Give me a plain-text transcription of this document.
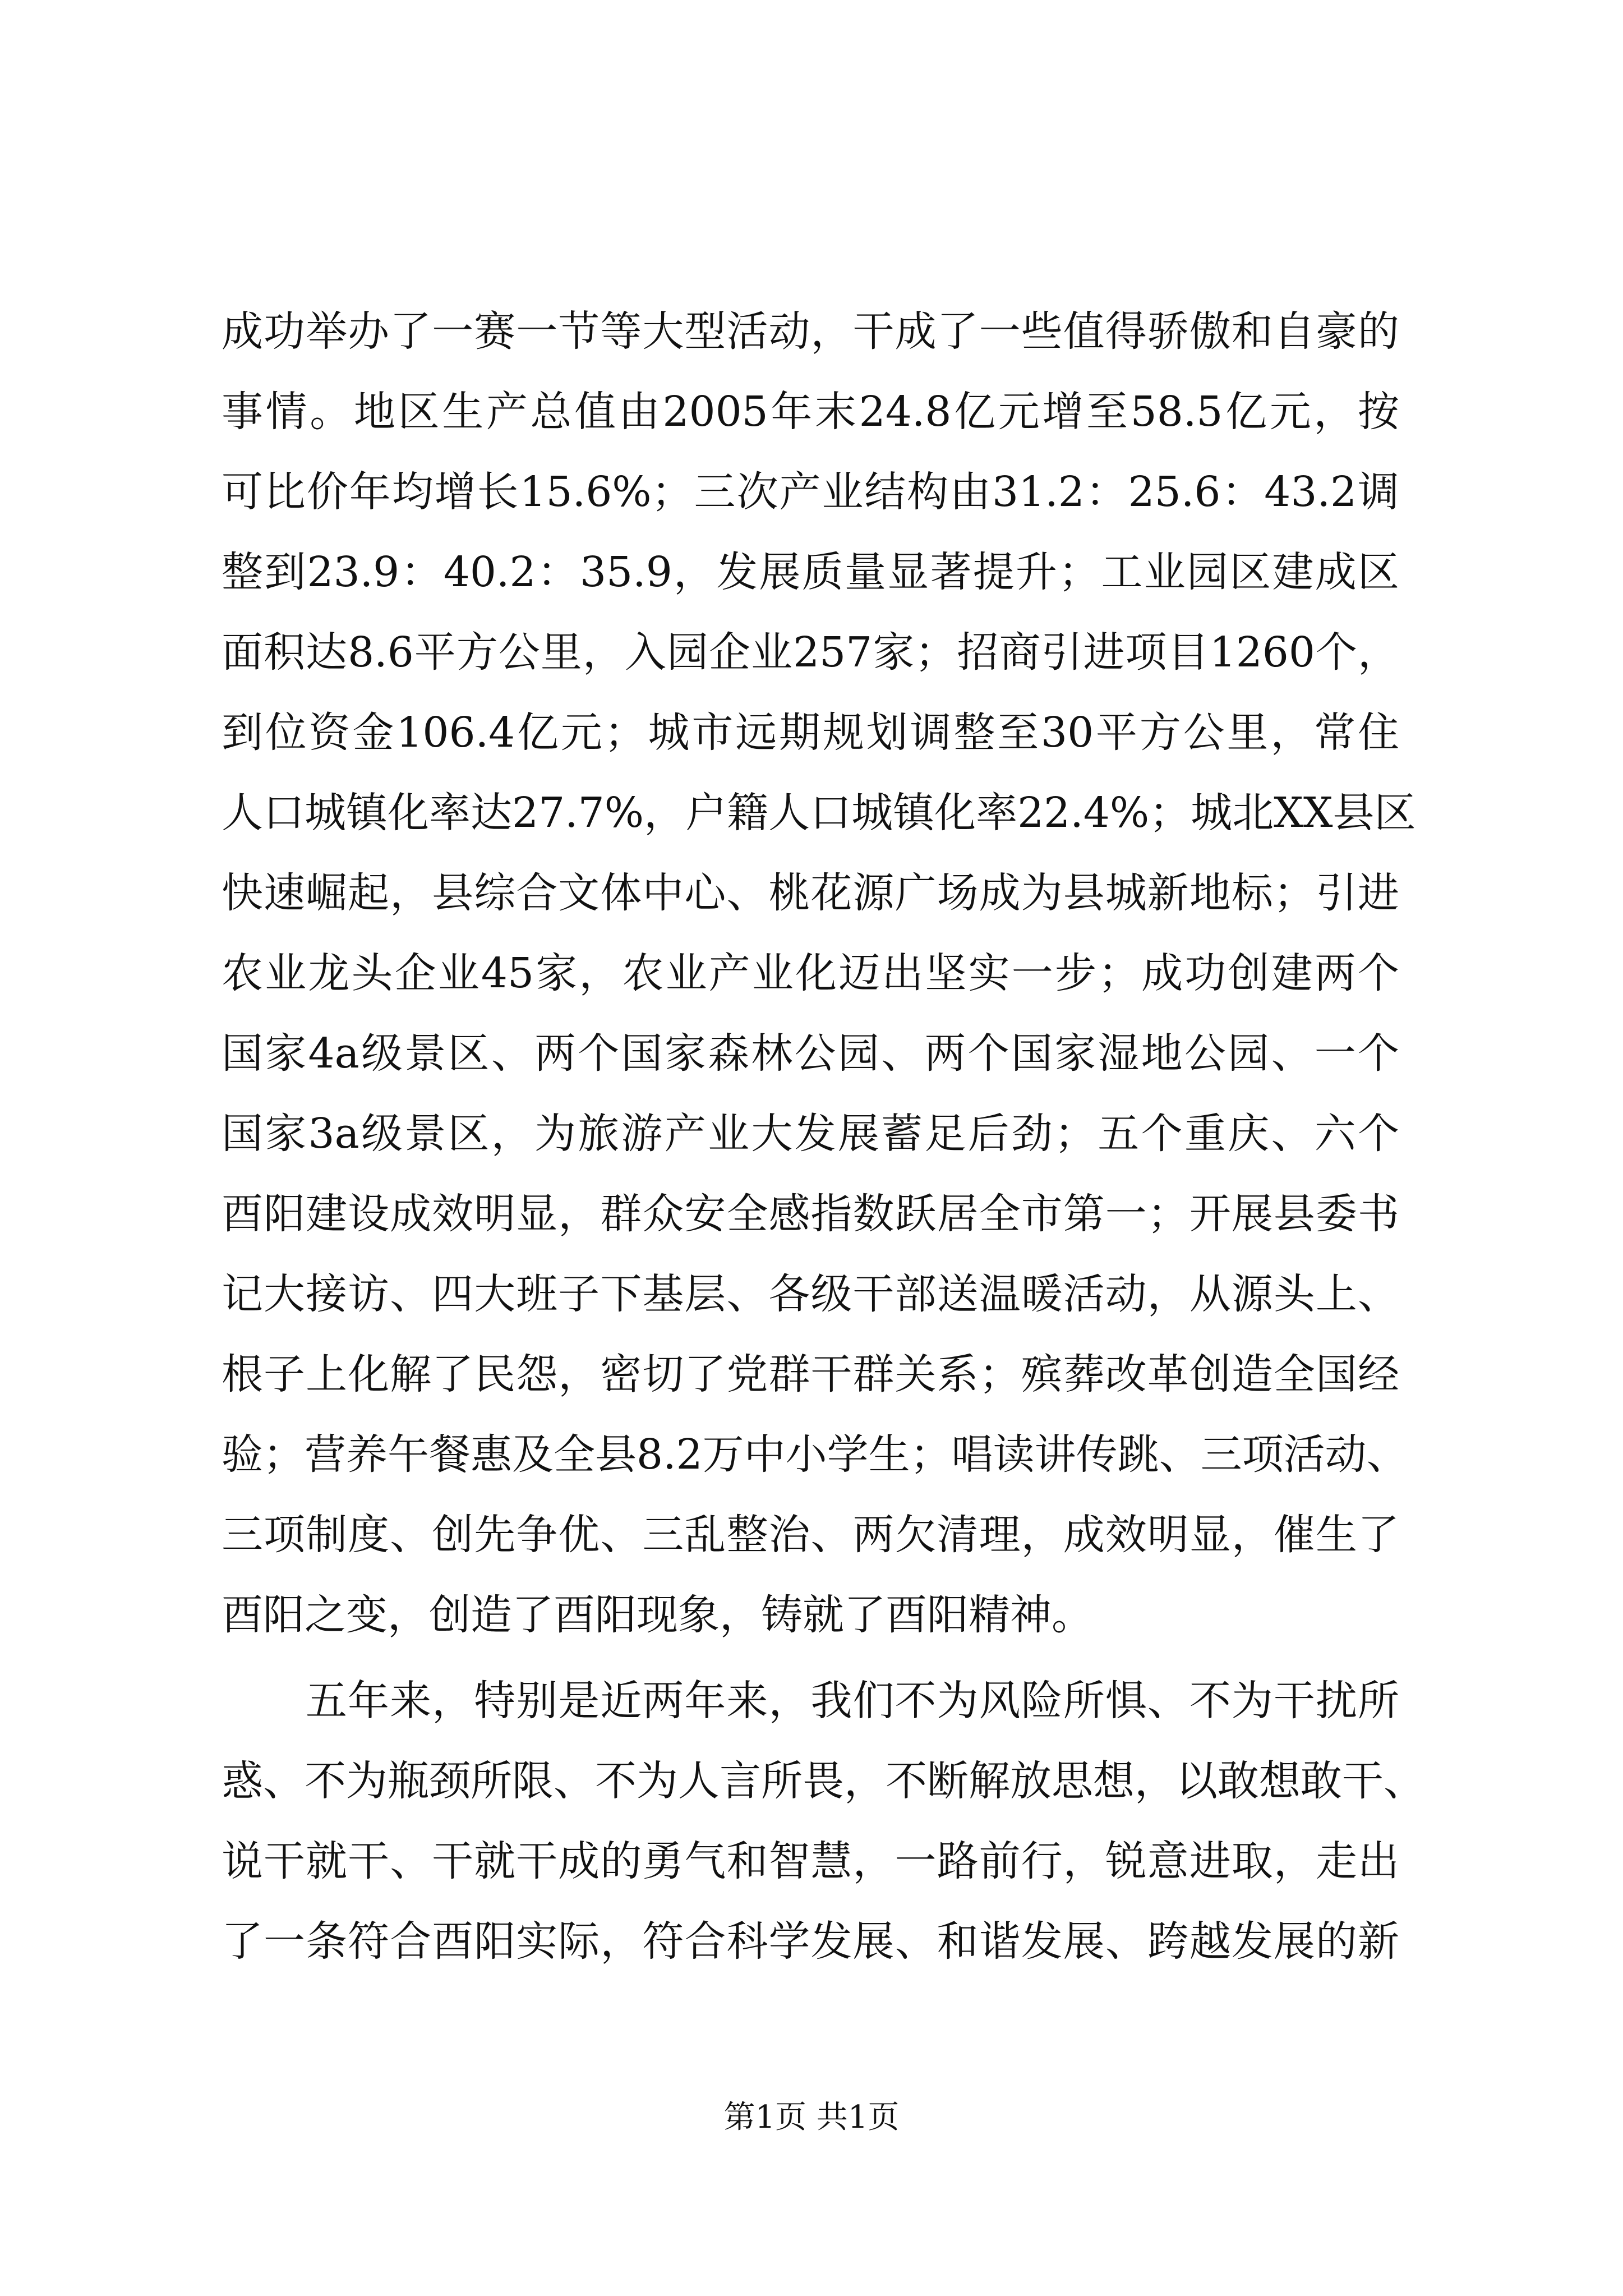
成功举办了一赛一节等大型活动，干成了一些值得骄傲和自豪的
事情。地区生产总值由2005年末24.8亿元增至58.5亿元，按
可比价年均增长15.6%；三次产业结构由31.2：25.6：43.2调
整到23.9：40.2：35.9，发展质量显著提升；工业园区建成区
面积达8.6平方公里，入园企业257家；招商引进项目1260个，
到位资金106.4亿元；城市远期规划调整至30平方公里，常住
人口城镇化率达27.7%，户籍人口城镇化率22.4%；城北XX县区
快速崛起，县综合文体中心、桃花源广场成为县城新地标；引进
农业龙头企业45家，农业产业化迈出坚实一步；成功创建两个
国家4a级景区、两个国家森林公园、两个国家湿地公园、一个
国家3a级景区，为旅游产业大发展蓄足后劲；五个重庆、六个
酉阳建设成效明显，群众安全感指数跃居全市第一；开展县委书
记大接访、四大班子下基层、各级干部送温暖活动，从源头上、
根子上化解了民怨，密切了党群干群关系；殡葬改革创造全国经
验；营养午餐惠及全县8.2万中小学生；唱读讲传跳、三项活动、
三项制度、创先争优、三乱整治、两欠清理，成效明显，催生了
酉阳之变，创造了酉阳现象，铸就了酉阳精神。
五年来，特别是近两年来，我们不为风险所惧、不为干扰所
惑、不为瓶颈所限、不为人言所畏，不断解放思想，以敢想敢干、
说干就干、干就干成的勇气和智慧，一路前行，锐意进取，走出
了一条符合酉阳实际，符合科学发展、和谐发展、跨越发展的新
第1页 共1页
